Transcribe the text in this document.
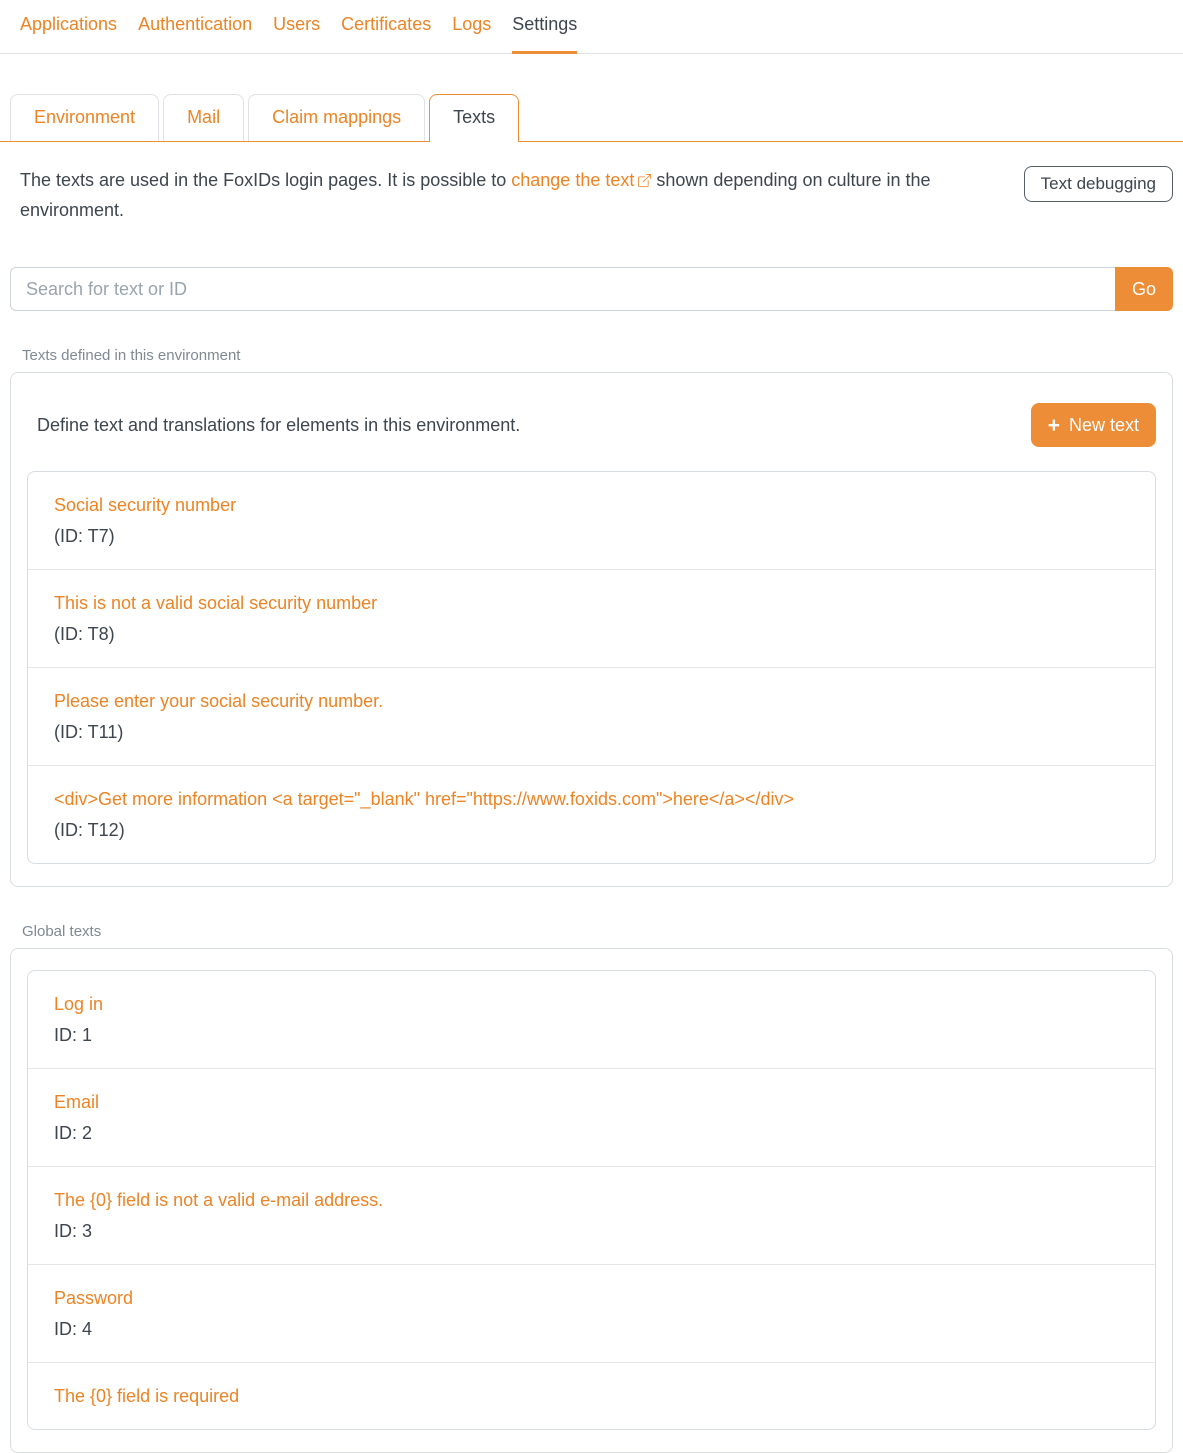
Applications Authentication Users Certificates Logs Settings
Environment	Mail	Claim mappings	Texts

The texts are used in the FoxIDs login pages. It is possible to change the text shown depending on culture in the environment.

Text debugging
Search for text or ID
Go
Texts defined in this environment
Define text and translations for elements in this environment.	+ New text
Social security number
(ID: T7)
This is not a valid social security number
(ID: T8)
Please enter your social security number.
(ID: T11)
<div>Get more information <a target="_blank" href="https://www.foxids.com">here</a></div>
(ID: T12)
Global texts
Log in
ID: 1
Email
ID: 2
The {0} field is not a valid e-mail address.
ID: 3
Password
ID: 4
The {0} field is required
